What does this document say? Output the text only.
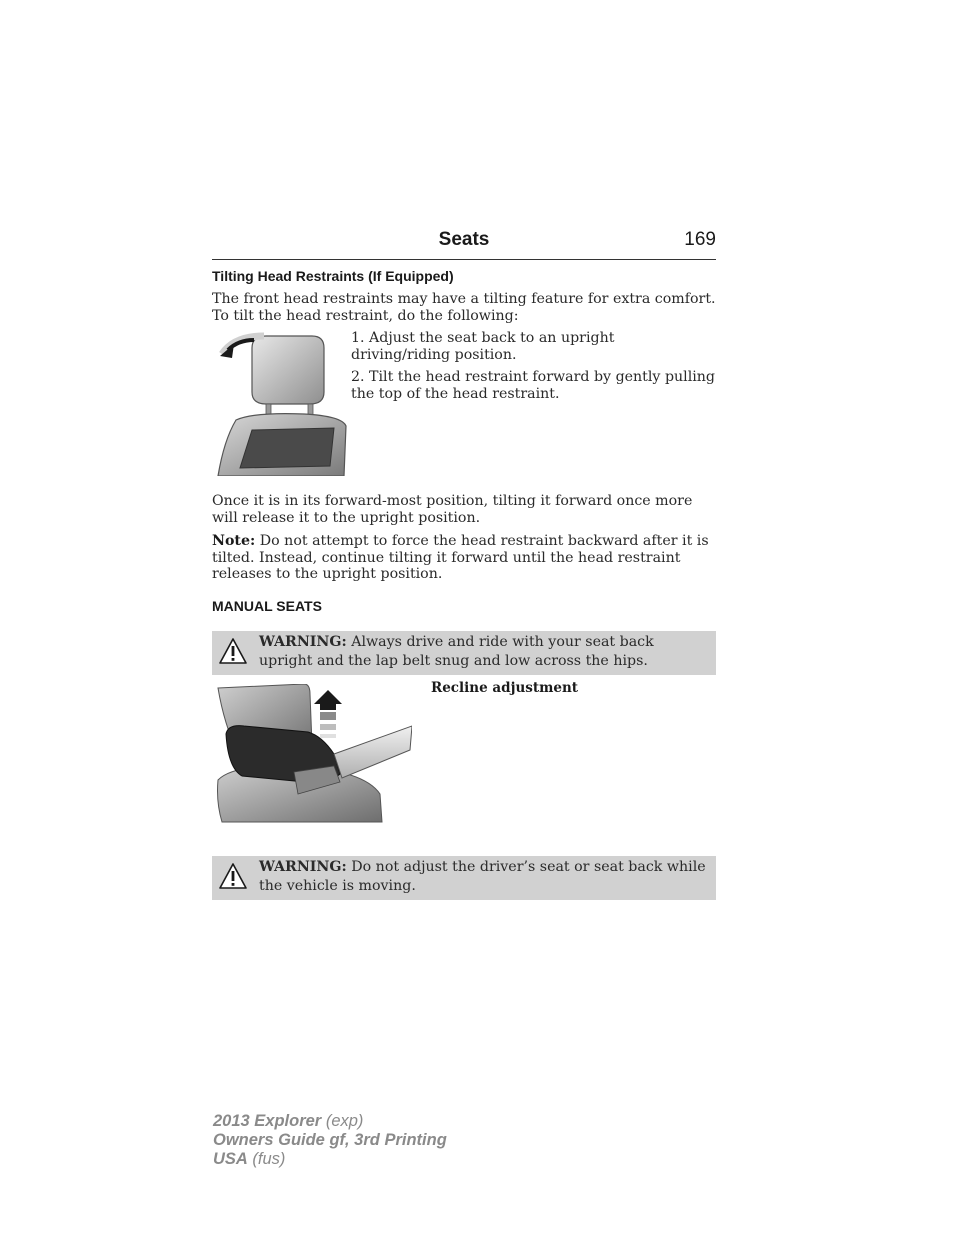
Seats	169
Tilting Head Restraints (If Equipped)
The front head restraints may have a tilting feature for extra comfort. To tilt the head restraint, do the following:
1. Adjust the seat back to an upright driving/riding position.
2. Tilt the head restraint forward by gently pulling the top of the head restraint.
Once it is in its forward-most position, tilting it forward once more will release it to the upright position.
Note: Do not attempt to force the head restraint backward after it is tilted. Instead, continue tilting it forward until the head restraint releases to the upright position.
MANUAL SEATS
WARNING: Always drive and ride with your seat back upright and the lap belt snug and low across the hips.
Recline adjustment
WARNING: Do not adjust the driver’s seat or seat back while the vehicle is moving.
2013 Explorer (exp)
Owners Guide gf, 3rd Printing
USA (fus)
